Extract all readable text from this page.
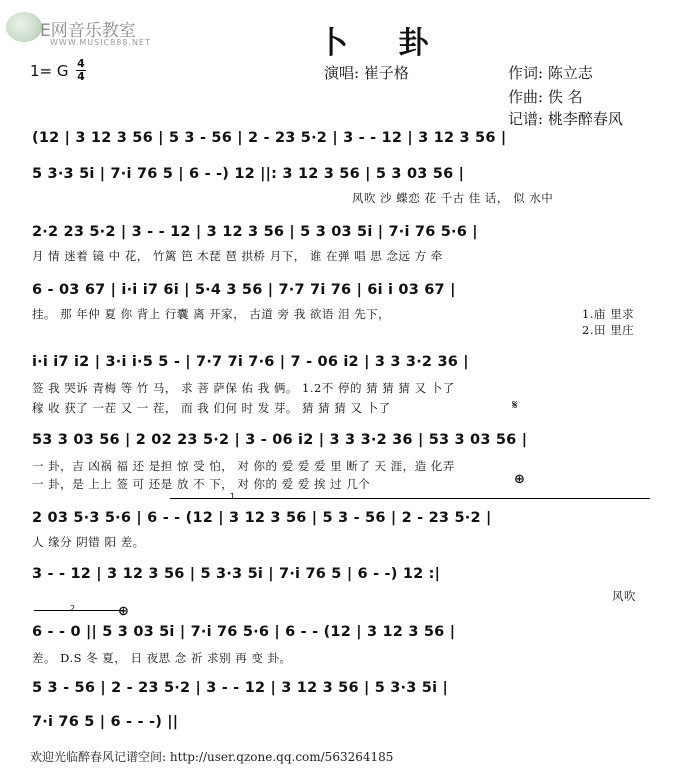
E网音乐教室
WWW.MUSIC888.NET	卜 卦
演唱: 崔子格	作词: 陈立志
作曲: 佚 名
记谱: 桃李醉春风
1= G 4
4
(12 | 3 12 3 56 | 5 3 - 56 | 2 - 23 5·2 | 3 - - 12 | 3 12 3 56 |
5 3·3 5i | 7·i 76 5 | 6 - -) 12 ||: 3 12 3 56 | 5 3 03 56 |
风吹 沙 蝶恋 花 千古 佳 话， 似 水中
2·2 23 5·2 | 3 - - 12 | 3 12 3 56 | 5 3 03 5i | 7·i 76 5·6 |
月 情 迷着 镜 中 花， 竹篱 笆 木琵 琶 拱桥 月下， 谁 在弹 唱 思 念远 方 牵
6 - 03 67 | i·i i7 6i | 5·4 3 56 | 7·7 7i 76 | 6i i 03 67 |
挂。 那 年仲 夏 你 背上 行囊 离 开家， 古道 旁 我 欲语 泪 先下，	1.庙 里求
2.田 里庄
i·i i7 i2 | 3·i i·5 5 - | 7·7 7i 7·6 | 7 - 06 i2 | 3 3 3·2 36 |
签 我 哭诉 青梅 等 竹 马， 求 菩 萨保 佑 我 俩。 1.2不 停的 猜 猜 猜 又 卜了
稼 收 获了 一茬 又 一 茬， 而 我 们何 时 发 芽。 猜 猜 猜 又 卜了	𝄋
53 3 03 56 | 2 02 23 5·2 | 3 - 06 i2 | 3 3 3·2 36 | 53 3 03 56 |
一 卦，吉 凶祸 福 还 是担 惊 受 怕， 对 你的 爱 爱 爱 里 断了 天 涯，造 化弄
一 卦，是 上上 签 可 还是 放 不 下， 对 你的 爱 爱 挨 过 几个	⊕
1
2 03 5·3 5·6 | 6 - - (12 | 3 12 3 56 | 5 3 - 56 | 2 - 23 5·2 |
人 缘分 阴错 阳 差。
3 - - 12 | 3 12 3 56 | 5 3·3 5i | 7·i 76 5 | 6 - -) 12 :|
风吹
2	⊕
6 - - 0 || 5 3 03 5i | 7·i 76 5·6 | 6 - - (12 | 3 12 3 56 |
差。 D.S 冬 夏， 日 夜思 念 祈 求别 再 变 卦。
5 3 - 56 | 2 - 23 5·2 | 3 - - 12 | 3 12 3 56 | 5 3·3 5i |
7·i 76 5 | 6 - - -) ||
欢迎光临醉春风记谱空间: http://user.qzone.qq.com/563264185
